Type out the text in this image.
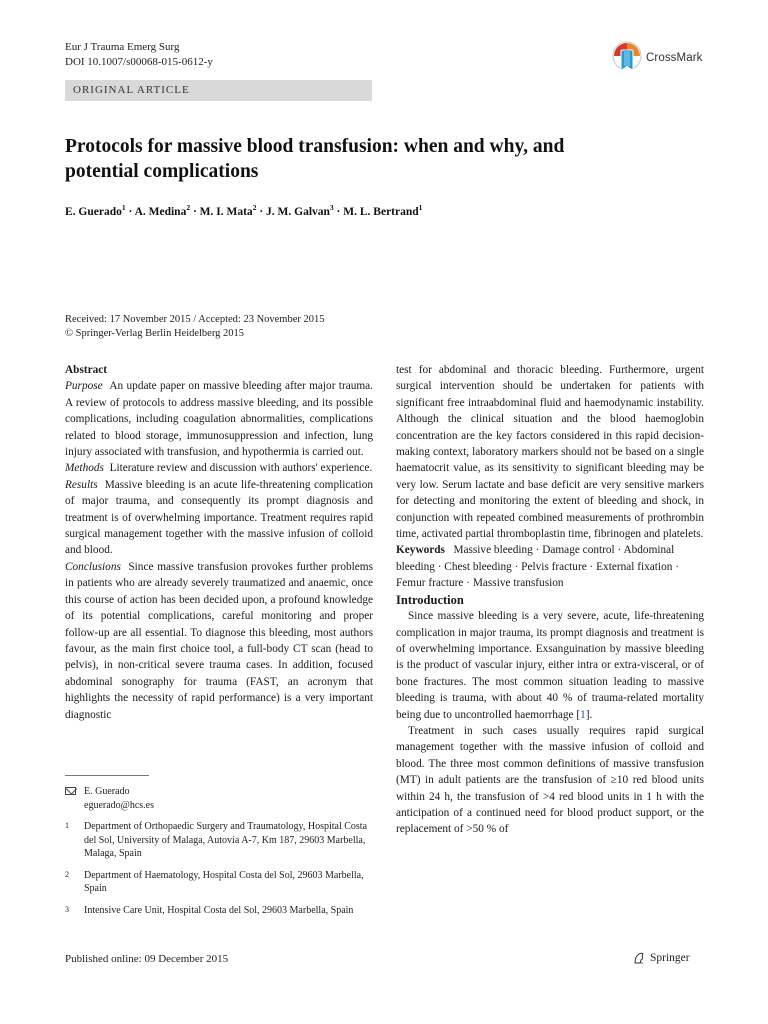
Eur J Trauma Emerg Surg
DOI 10.1007/s00068-015-0612-y	CrossMark
ORIGINAL ARTICLE
Protocols for massive blood transfusion: when and why, and potential complications
E. Guerado$^1$ · A. Medina$^2$ · M. I. Mata$^2$ · J. M. Galvan$^3$ · M. L. Bertrand$^1$
Received: 17 November 2015 / Accepted: 23 November 2015
© Springer-Verlag Berlin Heidelberg 2015

Abstract

Purpose An update paper on massive bleeding after major trauma. A review of protocols to address massive bleeding, and its possible complications, including coagulation abnormalities, complications related to blood storage, immunosuppression and infection, lung injury associated with transfusion, and hypothermia is carried out.

Methods Literature review and discussion with authors' experience.

Results Massive bleeding is an acute life-threatening complication of major trauma, and consequently its prompt diagnosis and treatment is of overwhelming importance. Treatment requires rapid surgical management together with the massive infusion of colloid and blood.

Conclusions Since massive transfusion provokes further problems in patients who are already severely traumatized and anaemic, once this course of action has been decided upon, a profound knowledge of its potential complications, careful monitoring and proper follow-up are all essential. To diagnose this bleeding, most authors favour, as the main first choice tool, a full-body CT scan (head to pelvis), in non-critical severe trauma cases. In addition, focused abdominal sonography for trauma (FAST, an acronym that highlights the necessity of rapid performance) is a very important diagnostic

test for abdominal and thoracic bleeding. Furthermore, urgent surgical intervention should be undertaken for patients with significant free intraabdominal fluid and haemodynamic instability. Although the clinical situation and the blood haemoglobin concentration are the key factors considered in this rapid decision-making context, laboratory markers should not be based on a single haematocrit value, as its sensitivity to significant bleeding may be very low. Serum lactate and base deficit are very sensitive markers for detecting and monitoring the extent of bleeding and shock, in conjunction with repeated combined measurements of prothrombin time, activated partial thromboplastin time, fibrinogen and platelets.

Keywords Massive bleeding · Damage control · Abdominal bleeding · Chest bleeding · Pelvis fracture · External fixation · Femur fracture · Massive transfusion

Introduction

Since massive bleeding is a very severe, acute, life-threatening complication in major trauma, its prompt diagnosis and treatment is of overwhelming importance. Exsanguination by massive bleeding is the product of vascular injury, either intra or extra-visceral, or of bone fractures. The most common situation leading to massive bleeding is trauma, with about 40 % of trauma-related mortality being due to uncontrolled haemorrhage [1].

Treatment in such cases usually requires rapid surgical management together with the massive infusion of colloid and blood. The three most common definitions of massive transfusion (MT) in adult patients are the transfusion of ≥10 red blood units within 24 h, the transfusion of >4 red blood units in 1 h with the anticipation of a continued need for blood product support, or the replacement of >50 % of

E. Guerado
eguerado@hcs.es
1	Department of Orthopaedic Surgery and Traumatology, Hospital Costa del Sol, University of Malaga, Autovía A-7, Km 187, 29603 Marbella, Malaga, Spain
2	Department of Haematology, Hospital Costa del Sol, 29603 Marbella, Spain
3	Intensive Care Unit, Hospital Costa del Sol, 29603 Marbella, Spain
Published online: 09 December 2015	Springer
